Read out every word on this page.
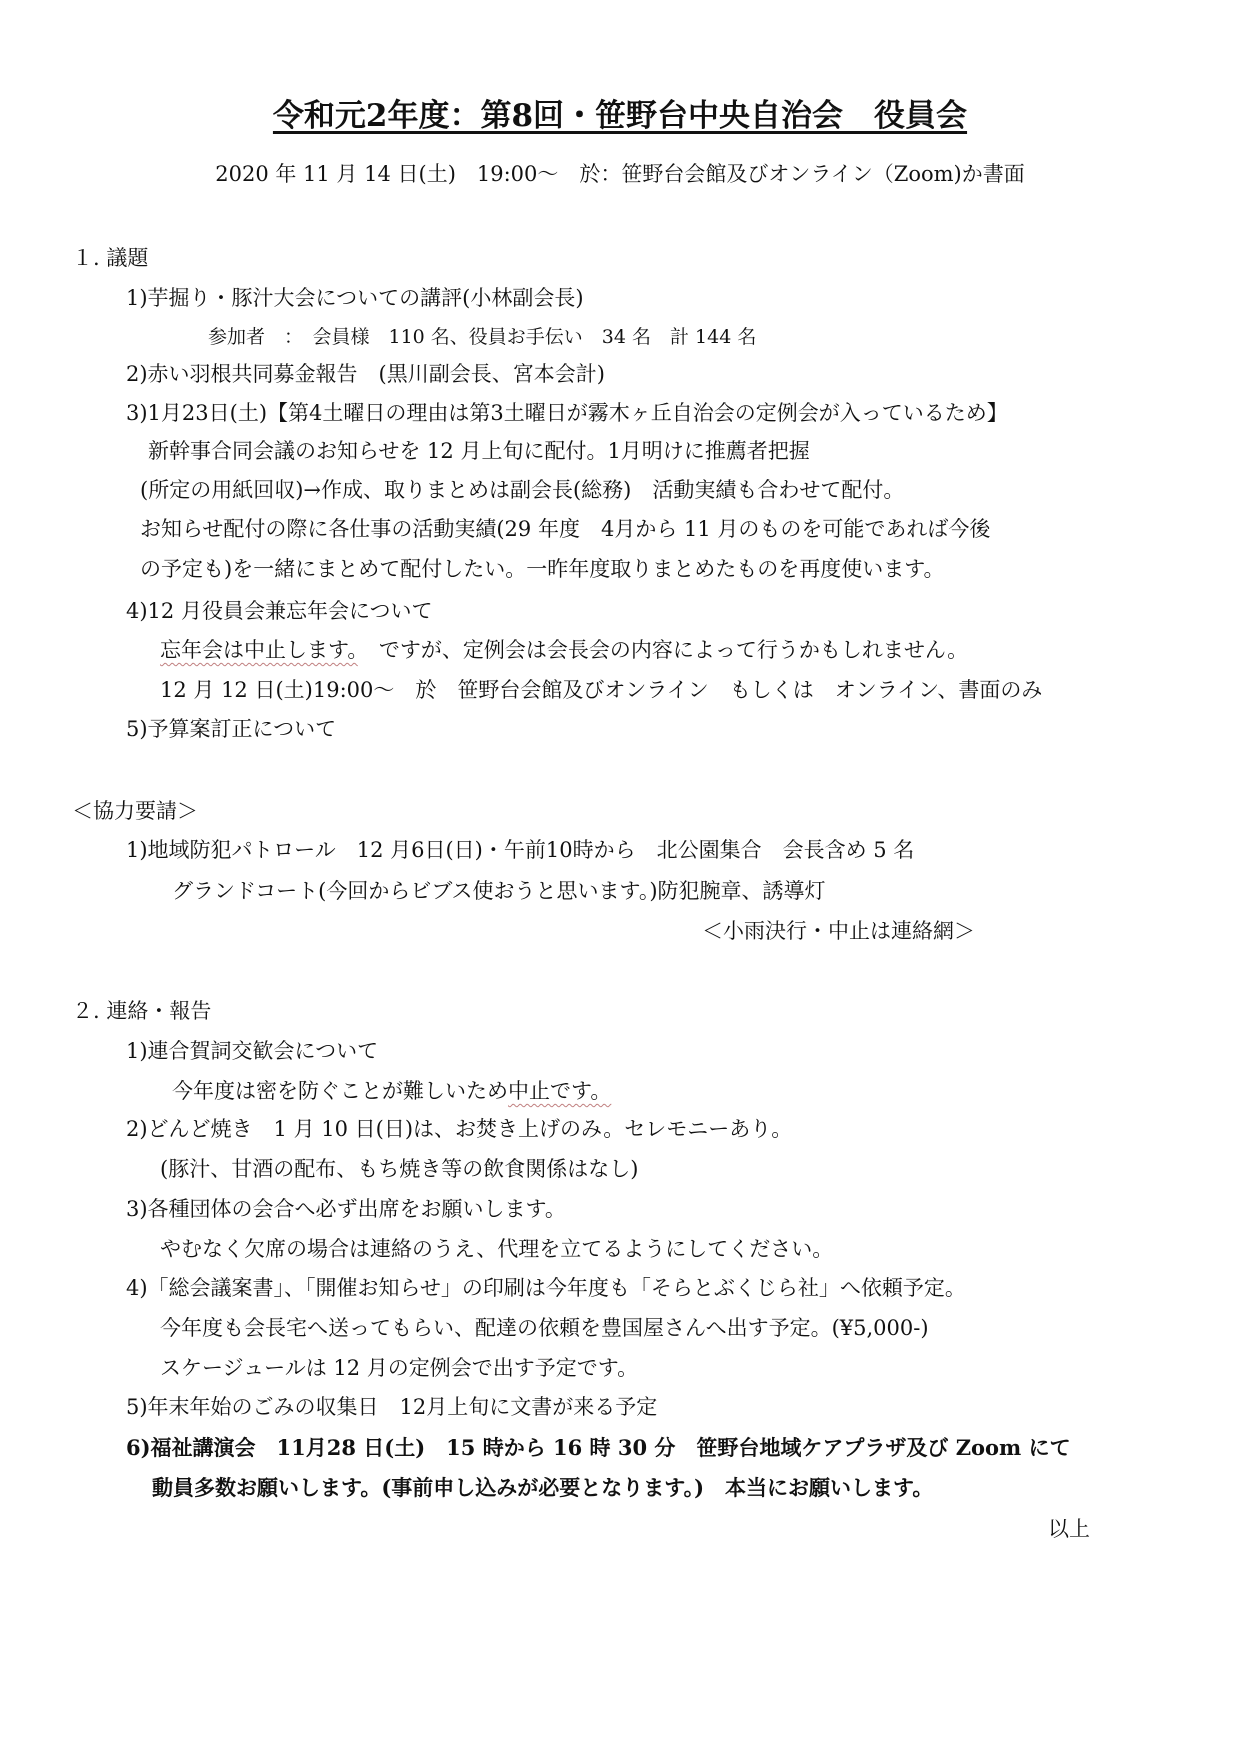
令和元2年度：第8回・笹野台中央自治会　役員会
2020 年 11 月 14 日(土)　19:00～　於：笹野台会館及びオンライン（Zoom)か書面
１. 議題
1)芋掘り・豚汁大会についての講評(小林副会長)
参加者　：　会員様　110 名、役員お手伝い　34 名　計 144 名
2)赤い羽根共同募金報告　(黒川副会長、宮本会計)
3)1月23日(土)【第4土曜日の理由は第3土曜日が霧木ヶ丘自治会の定例会が入っているため】
新幹事合同会議のお知らせを 12 月上旬に配付。1月明けに推薦者把握
(所定の用紙回収)→作成、取りまとめは副会長(総務)　活動実績も合わせて配付。
お知らせ配付の際に各仕事の活動実績(29 年度　4月から 11 月のものを可能であれば今後
の予定も)を一緒にまとめて配付したい。一昨年度取りまとめたものを再度使います。
4)12 月役員会兼忘年会について
忘年会は中止します。　ですが、定例会は会長会の内容によって行うかもしれません。
12 月 12 日(土)19:00～　於　笹野台会館及びオンライン　もしくは　オンライン、書面のみ
5)予算案訂正について
＜協力要請＞
1)地域防犯パトロール　12 月6日(日)・午前10時から　北公園集合　会長含め 5 名
グランドコート(今回からビブス使おうと思います。)防犯腕章、誘導灯
＜小雨決行・中止は連絡網＞
２. 連絡・報告
1)連合賀詞交歓会について
今年度は密を防ぐことが難しいため中止です。
2)どんど焼き　1 月 10 日(日)は、お焚き上げのみ。セレモニーあり。
(豚汁、甘酒の配布、もち焼き等の飲食関係はなし)
3)各種団体の会合へ必ず出席をお願いします。
やむなく欠席の場合は連絡のうえ、代理を立てるようにしてください。
4)「総会議案書」、「開催お知らせ」の印刷は今年度も「そらとぶくじら社」へ依頼予定。
今年度も会長宅へ送ってもらい、配達の依頼を豊国屋さんへ出す予定。(¥5,000-)
スケージュールは 12 月の定例会で出す予定です。
5)年末年始のごみの収集日　12月上旬に文書が来る予定
6)福祉講演会　11月28 日(土)　15 時から 16 時 30 分　笹野台地域ケアプラザ及び Zoom にて
動員多数お願いします。(事前申し込みが必要となります。)　本当にお願いします。
以上
